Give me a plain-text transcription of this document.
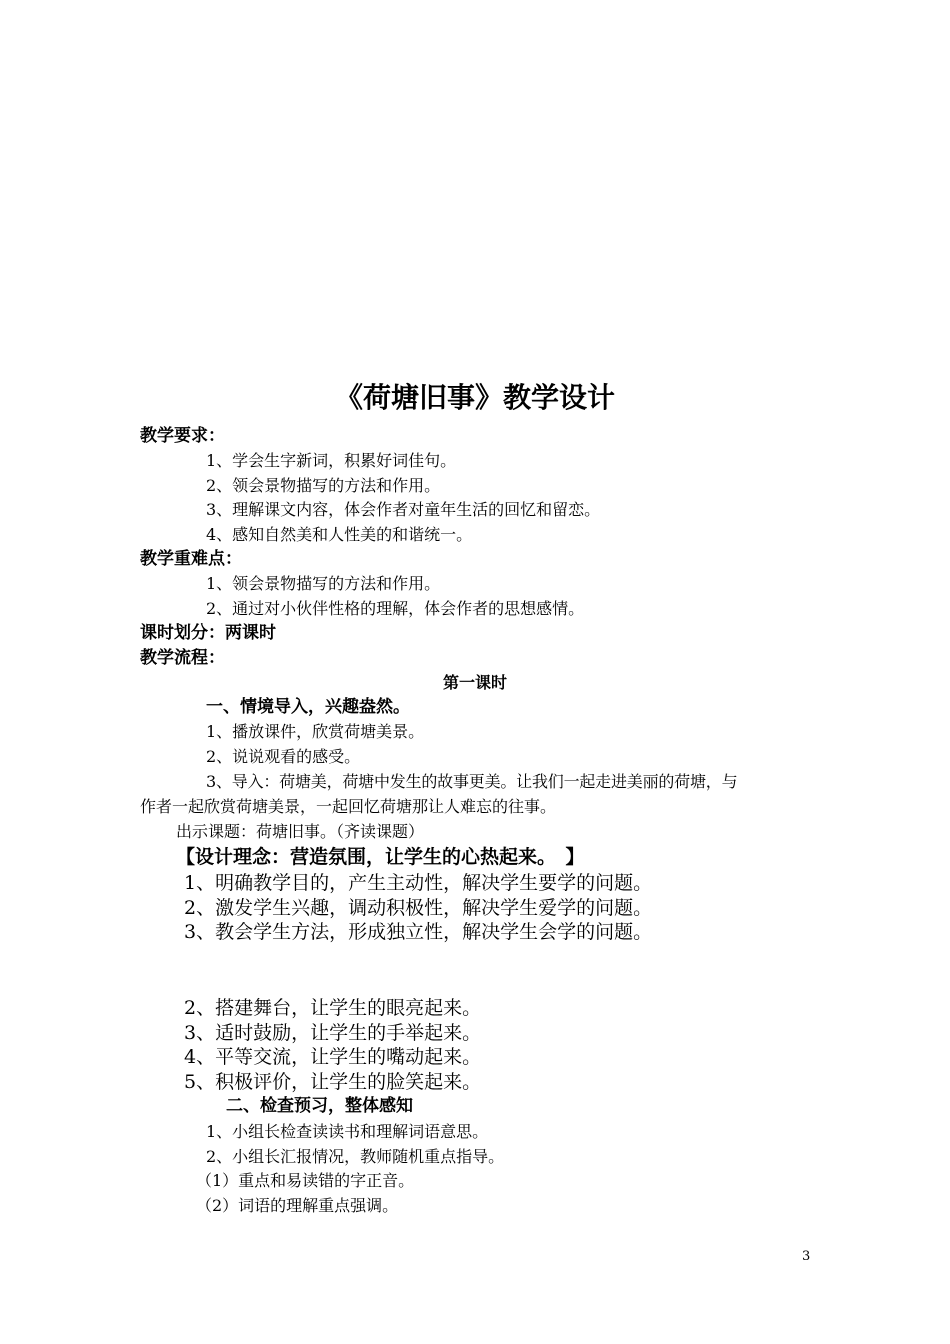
《荷塘旧事》教学设计
教学要求：
1、学会生字新词，积累好词佳句。
2、领会景物描写的方法和作用。
3、理解课文内容，体会作者对童年生活的回忆和留恋。
4、感知自然美和人性美的和谐统一。
教学重难点：
1、领会景物描写的方法和作用。
2、通过对小伙伴性格的理解，体会作者的思想感情。
课时划分：两课时
教学流程：
第一课时
一、情境导入，兴趣盎然。
1、播放课件，欣赏荷塘美景。
2、说说观看的感受。
3、导入：荷塘美，荷塘中发生的故事更美。让我们一起走进美丽的荷塘，与
作者一起欣赏荷塘美景，一起回忆荷塘那让人难忘的往事。
出示课题：荷塘旧事。（齐读课题）
【设计理念：营造氛围，让学生的心热起来。　】
1、明确教学目的，产生主动性，解决学生要学的问题。
2、激发学生兴趣，调动积极性，解决学生爱学的问题。
3、教会学生方法，形成独立性，解决学生会学的问题。
2、搭建舞台，让学生的眼亮起来。
3、适时鼓励，让学生的手举起来。
4、平等交流，让学生的嘴动起来。
5、积极评价，让学生的脸笑起来。
二、检查预习，整体感知
1、小组长检查读读书和理解词语意思。
2、小组长汇报情况，教师随机重点指导。
（1）重点和易读错的字正音。
（2）词语的理解重点强调。
3
